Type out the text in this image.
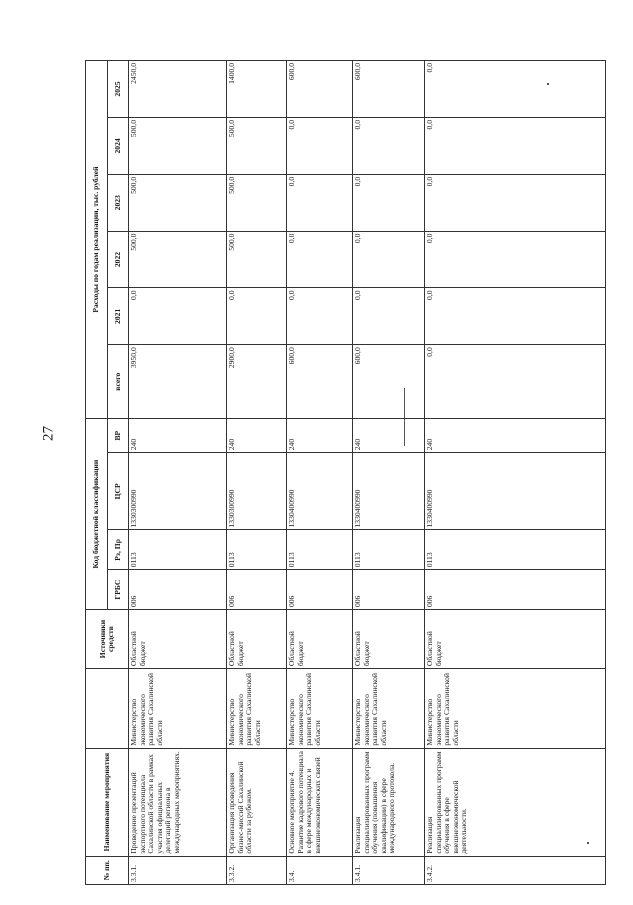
27
№ пп.	Наименование мероприятия		Источники средств	Код бюджетной классификации				Расходы по годам реализации, тыс. рублей					
				ГРБС	Рз, Пр	ЦСР	ВР	всего	2021	2022	2023	2024	2025
3.3.1.	Проведение презентаций экспортного потенциала Сахалинской области в рамках участия официальных делегаций региона в международных мероприятиях.	Министерство экономического развития Сахалинской области	Областной бюджет	006	0113	1330300990	240	3950,0	0,0	500,0	500,0	500,0	2450,0
3.3.2.	Организация проведения бизнес-миссий Сахалинской области за рубежом.	Министерство экономического развития Сахалинской области	Областной бюджет	006	0113	1330300990	240	2900,0	0,0	500,0	500,0	500,0	1400,0
3.4.	Основное мероприятие 4. Развитие кадрового потенциала в сфере международных и внешнеэкономических связей	Министерство экономического развития Сахалинской области	Областной бюджет	006	0113	1330400990	240	600,0	0,0	0,0	0,0	0,0	600,0
3.4.1.	Реализация специализированных программ обучения (повышения квалификации) в сфере международного протокола.	Министерство экономического развития Сахалинской области	Областной бюджет	006	0113	1330400990	240	600,0	0,0	0,0	0,0	0,0	600,0
3.4.2.	Реализация специализированных программ обучения в сфере внешнеэкономической деятельности.	Министерство экономического развития Сахалинской области	Областной бюджет	006	0113	1330400990	240	0,0	0,0	0,0	0,0	0,0	0,0
